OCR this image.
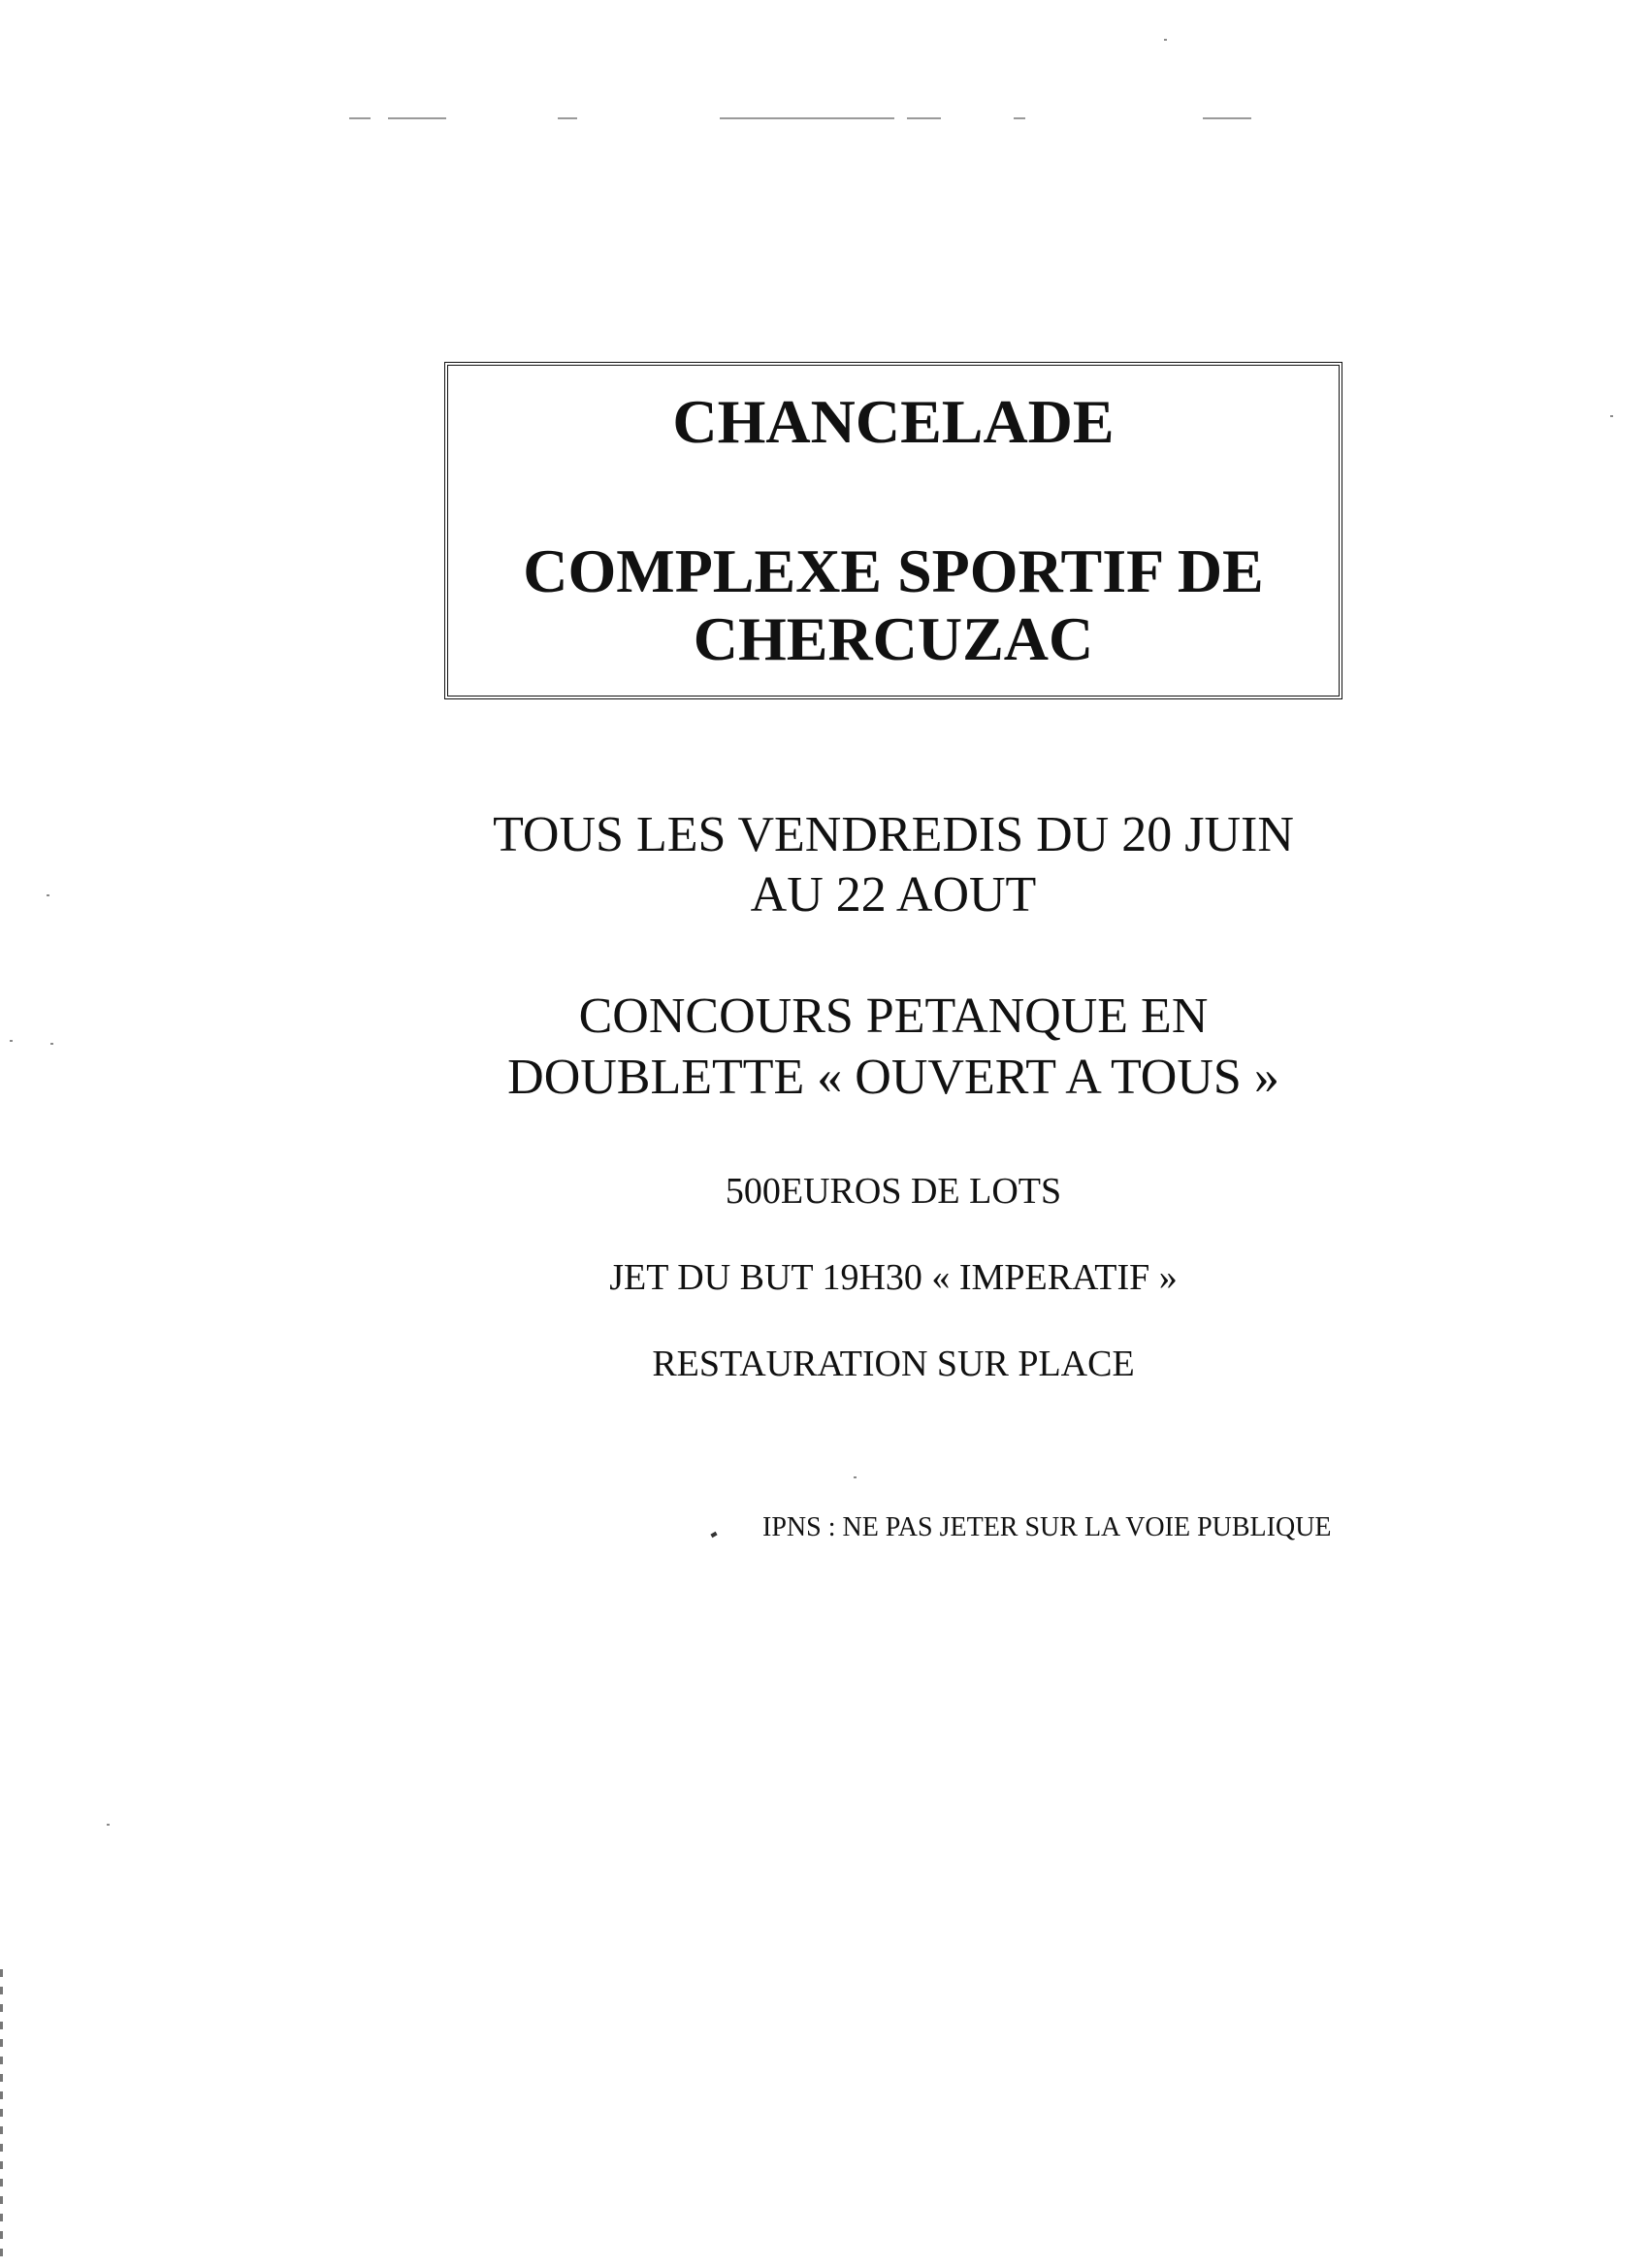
CHANCELADE
COMPLEXE SPORTIF DE
CHERCUZAC

TOUS LES VENDREDIS DU 20 JUIN

AU 22 AOUT

CONCOURS PETANQUE EN

DOUBLETTE « OUVERT A TOUS »

500EUROS DE LOTS

JET DU BUT 19H30 « IMPERATIF »

RESTAURATION SUR PLACE

IPNS : NE PAS JETER SUR LA VOIE PUBLIQUE
